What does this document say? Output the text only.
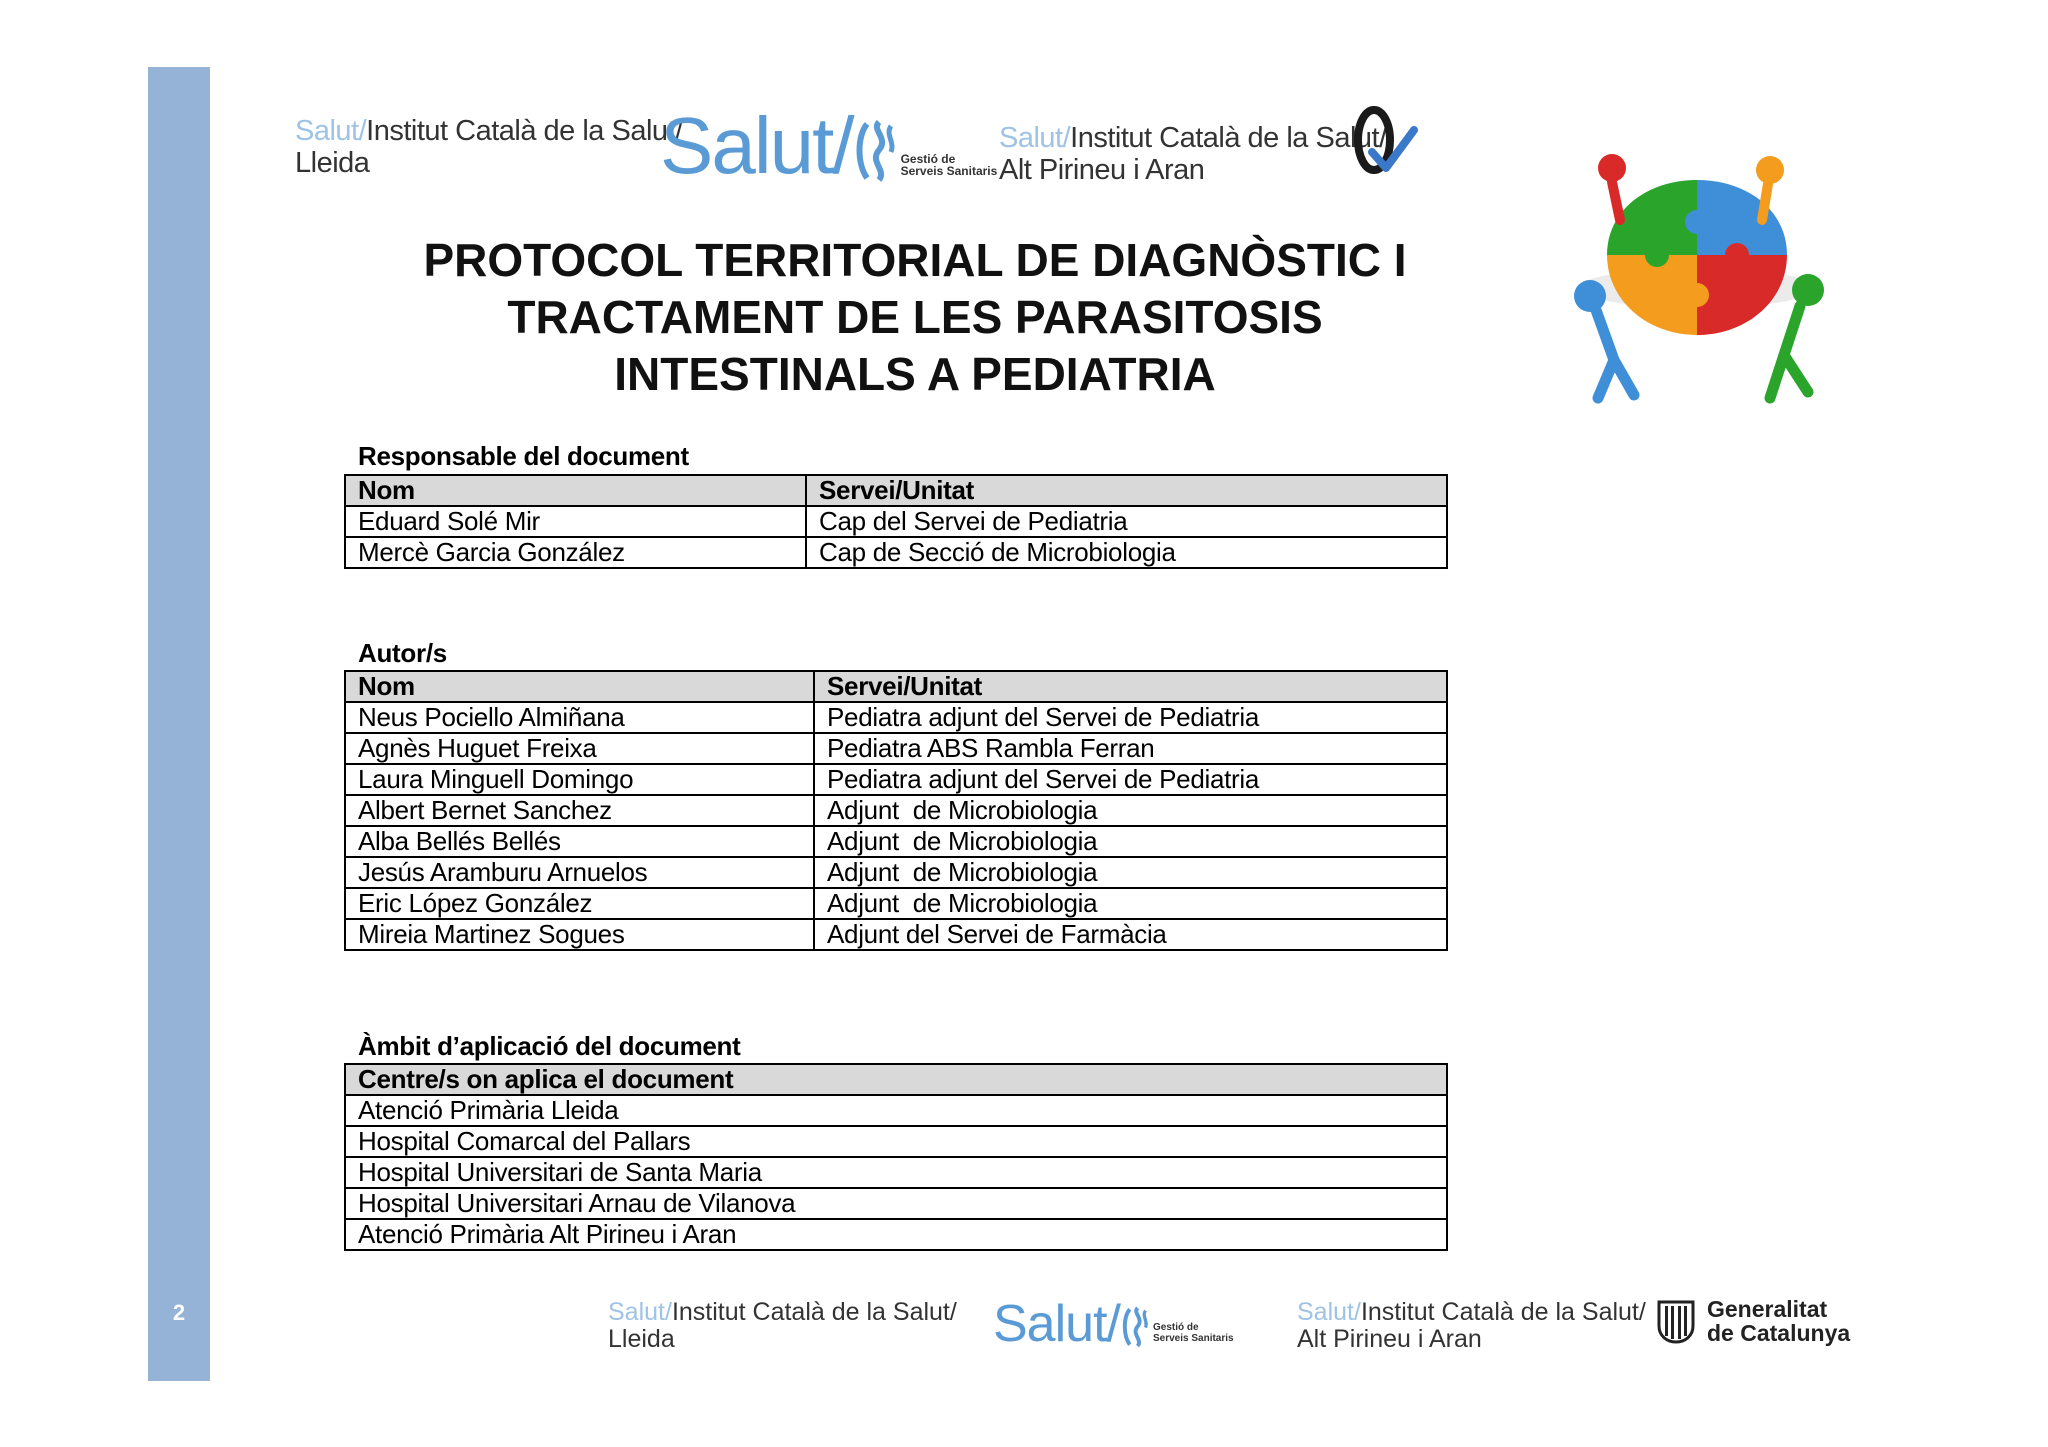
2
Salut/Institut Català de la Salut/
Lleida	Salut/	Gestió de
Serveis Sanitaris
Salut/Institut Català de la Salut/
Alt Pirineu i Aran
PROTOCOL TERRITORIAL DE DIAGNÒSTIC I
TRACTAMENT DE LES PARASITOSIS
INTESTINALS A PEDIATRIA
Responsable del document
Nom	Servei/Unitat
Eduard Solé Mir	Cap del Servei de Pediatria
Mercè Garcia González	Cap de Secció de Microbiologia
Autor/s
Nom	Servei/Unitat
Neus Pociello Almiñana	Pediatra adjunt del Servei de Pediatria
Agnès Huguet Freixa	Pediatra ABS Rambla Ferran
Laura Minguell Domingo	Pediatra adjunt del Servei de Pediatria
Albert Bernet Sanchez	Adjunt  de Microbiologia
Alba Bellés Bellés	Adjunt  de Microbiologia
Jesús Aramburu Arnuelos	Adjunt  de Microbiologia
Eric López González	Adjunt  de Microbiologia
Mireia Martinez Sogues	Adjunt del Servei de Farmàcia
Àmbit d’aplicació del document
Centre/s on aplica el document
Atenció Primària Lleida
Hospital Comarcal del Pallars
Hospital Universitari de Santa Maria
Hospital Universitari Arnau de Vilanova
Atenció Primària Alt Pirineu i Aran
Salut/Institut Català de la Salut/
Lleida	Salut/	Gestió de
Serveis Sanitaris
Salut/Institut Català de la Salut/
Alt Pirineu i Aran
Generalitat
de Catalunya
